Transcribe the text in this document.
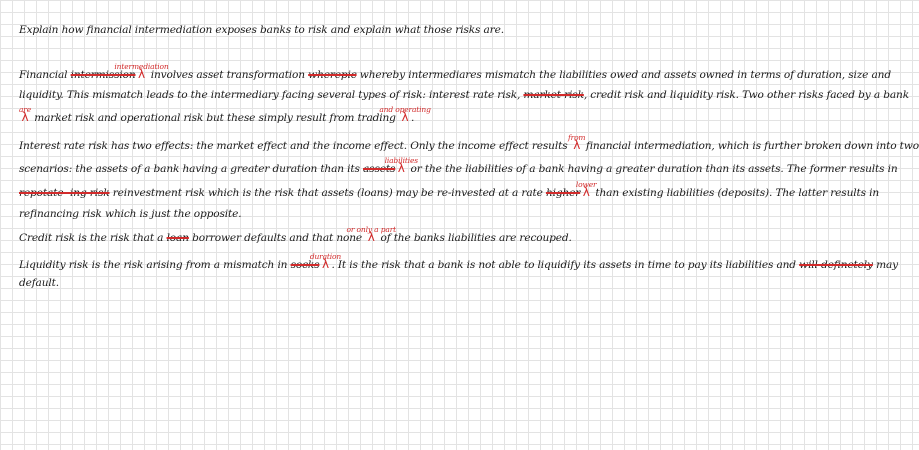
Explain how financial intermediation exposes banks to risk and explain what those risks are.
Financial intermission
intermediation
λ involves asset transformation wherepic whereby intermediares mismatch the liabilities owed and assets owned in terms of duration, size and
liquidity. This mismatch leads to the intermediary facing several types of risk: interest rate risk, market risk, credit risk and liquidity risk. Two other risks faced by a bank
are
λ market risk and operational risk but these simply result from trading
and operating
λ .
Interest rate risk has two effects: the market effect and the income effect. Only the income effect results
from
λ financial intermediation, which is further broken down into two
scenarios: the assets of a bank having a greater duration than its assets
liabilities
λ or the the liabilities of a bank having a greater duration than its assets. The former results in
repotate- ing risk reinvestment risk which is the risk that assets (loans) may be re-invested at a rate higher
lower
λ than existing liabilities (deposits). The latter results in
refinancing risk which is just the opposite.
Credit risk is the risk that a loan borrower defaults and that none
or only a part
λ of the banks liabilities are recouped.
Liquidity risk is the risk arising from a mismatch in socks
duration
λ . It is the risk that a bank is not able to liquidify its assets in time to pay its liabilities and will definetely may
default.
